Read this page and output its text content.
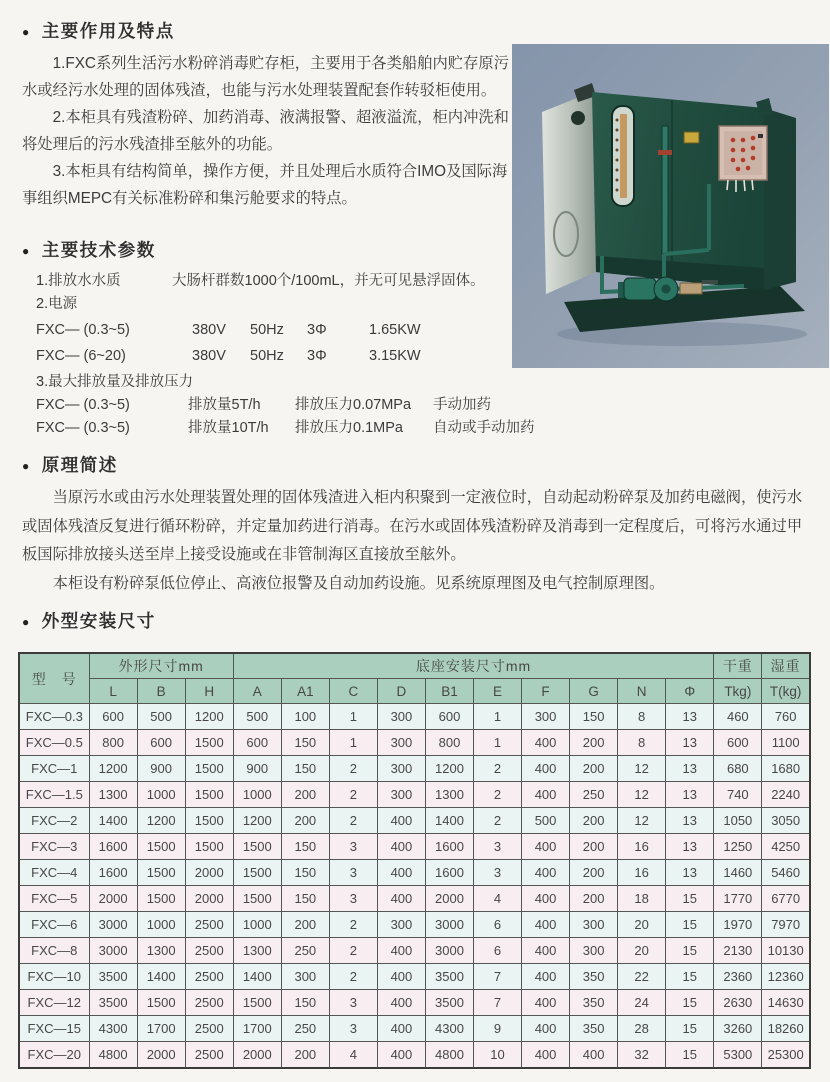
● 主要作用及特点

1.FXC系列生活污水粉碎消毒贮存柜，主要用于各类船舶内贮存原污水或经污水处理的固体残渣，也能与污水处理装置配套作转驳柜使用。

2.本柜具有残渣粉碎、加药消毒、液满报警、超液溢流，柜内冲洗和将处理后的污水残渣排至舷外的功能。

3.本柜具有结构简单，操作方便，并且处理后水质符合IMO及国际海事组织MEPC有关标准粉碎和集污舱要求的特点。

● 主要技术参数
1.排放水水质	大肠杆群数1000个/100mL，并无可见悬浮固体。
2.电源
FXC— (0.3~5)	380V	50Hz	3Φ	1.65KW
FXC— (6~20)	380V	50Hz	3Φ	3.15KW
3.最大排放量及排放压力
FXC— (0.3~5)	排放量5T/h	排放压力0.07MPa	手动加药
FXC— (0.3~5)	排放量10T/h	排放压力0.1MPa	自动或手动加药
● 原理简述

当原污水或由污水处理装置处理的固体残渣进入柜内积聚到一定液位时，自动起动粉碎泵及加药电磁阀，使污水或固体残渣反复进行循环粉碎，并定量加药进行消毒。在污水或固体残渣粉碎及消毒到一定程度后，可将污水通过甲板国际排放接头送至岸上接受设施或在非管制海区直接放至舷外。

本柜设有粉碎泵低位停止、高液位报警及自动加药设施。见系统原理图及电气控制原理图。

● 外型安装尺寸
型　号	外形尺寸mm			底座安装尺寸mm										干重	湿重
	L	B	H	A	A1	C	D	B1	E	F	G	N	Φ	Tkg)	T(kg)
FXC—0.3	600	500	1200	500	100	1	300	600	1	300	150	8	13	460	760
FXC—0.5	800	600	1500	600	150	1	300	800	1	400	200	8	13	600	1100
FXC—1	1200	900	1500	900	150	2	300	1200	2	400	200	12	13	680	1680
FXC—1.5	1300	1000	1500	1000	200	2	300	1300	2	400	250	12	13	740	2240
FXC—2	1400	1200	1500	1200	200	2	400	1400	2	500	200	12	13	1050	3050
FXC—3	1600	1500	1500	1500	150	3	400	1600	3	400	200	16	13	1250	4250
FXC—4	1600	1500	2000	1500	150	3	400	1600	3	400	200	16	13	1460	5460
FXC—5	2000	1500	2000	1500	150	3	400	2000	4	400	200	18	15	1770	6770
FXC—6	3000	1000	2500	1000	200	2	300	3000	6	400	300	20	15	1970	7970
FXC—8	3000	1300	2500	1300	250	2	400	3000	6	400	300	20	15	2130	10130
FXC—10	3500	1400	2500	1400	300	2	400	3500	7	400	350	22	15	2360	12360
FXC—12	3500	1500	2500	1500	150	3	400	3500	7	400	350	24	15	2630	14630
FXC—15	4300	1700	2500	1700	250	3	400	4300	9	400	350	28	15	3260	18260
FXC—20	4800	2000	2500	2000	200	4	400	4800	10	400	400	32	15	5300	25300
